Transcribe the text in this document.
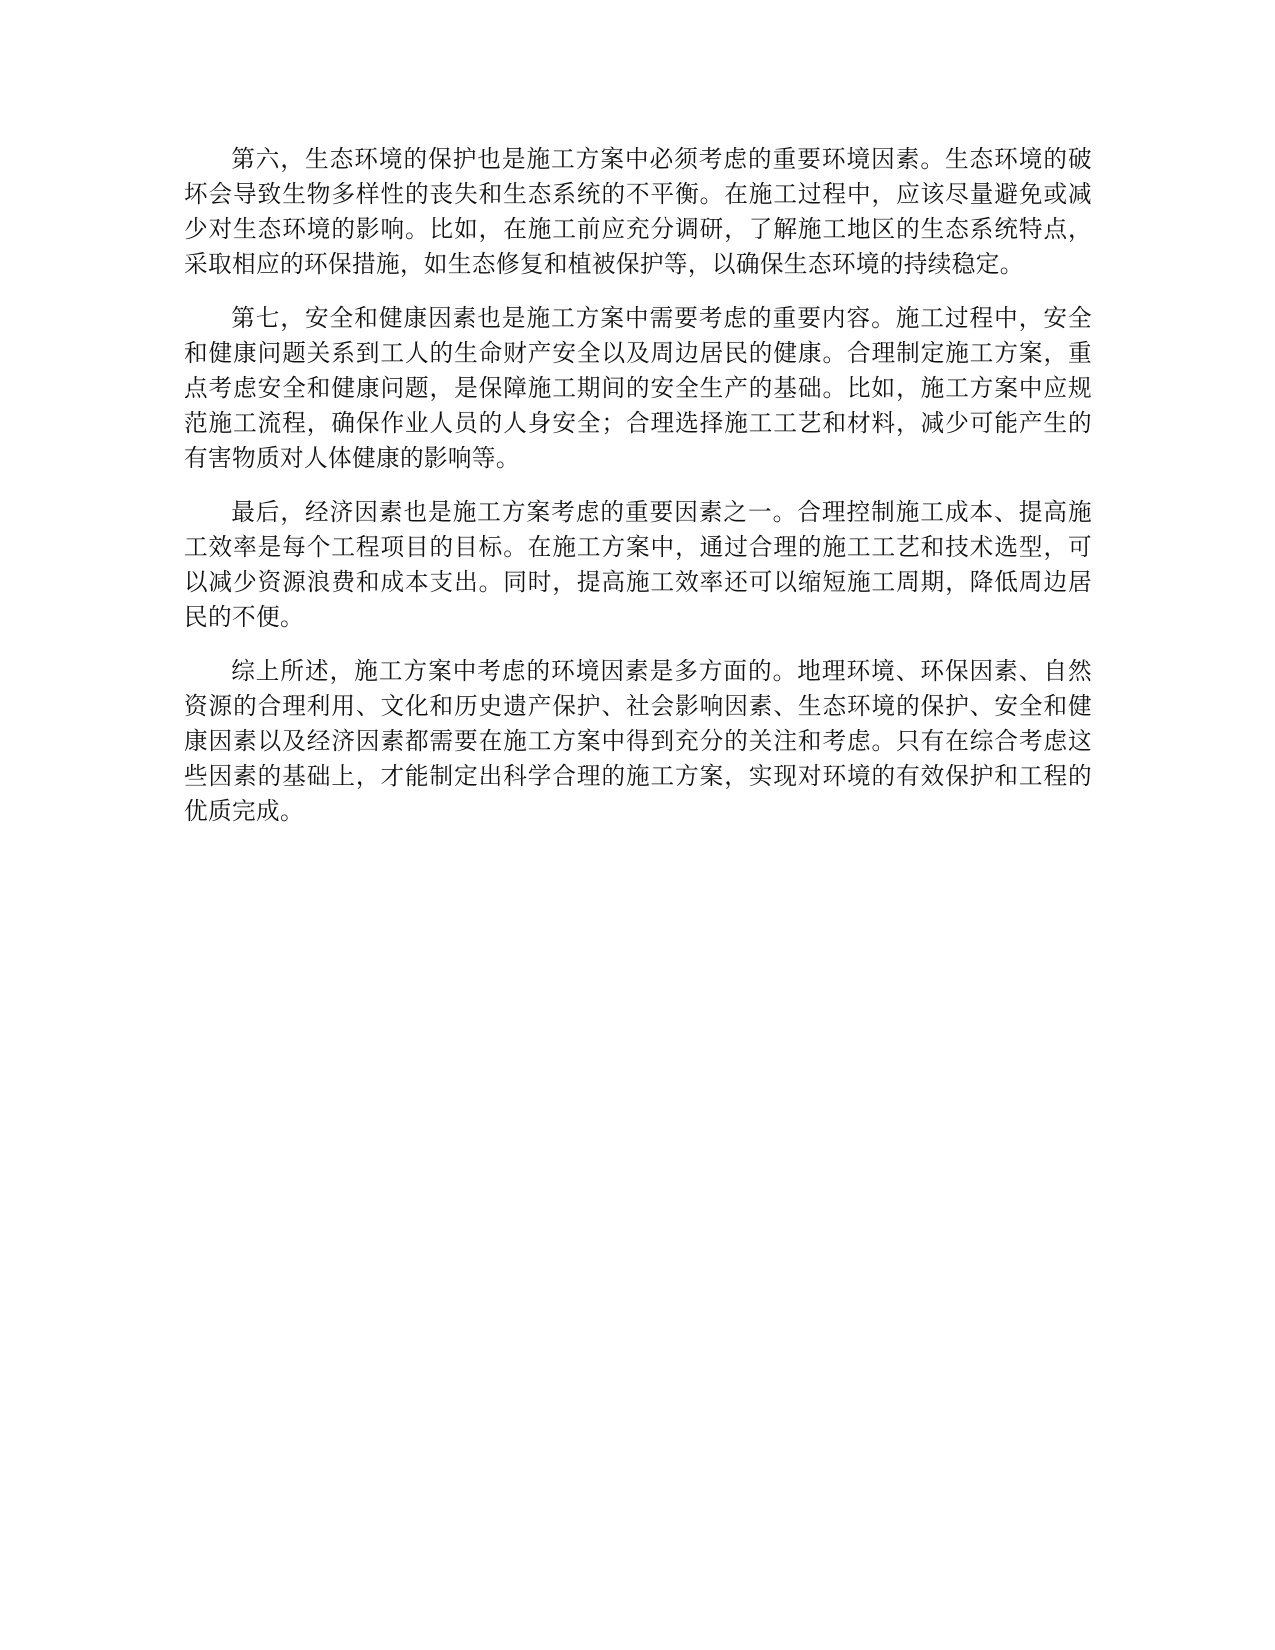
第六，生态环境的保护也是施工方案中必须考虑的重要环境因素。生态环境的破坏会导致生物多样性的丧失和生态系统的不平衡。在施工过程中，应该尽量避免或减少对生态环境的影响。比如，在施工前应充分调研，了解施工地区的生态系统特点，采取相应的环保措施，如生态修复和植被保护等，以确保生态环境的持续稳定。

第七，安全和健康因素也是施工方案中需要考虑的重要内容。施工过程中，安全和健康问题关系到工人的生命财产安全以及周边居民的健康。合理制定施工方案，重点考虑安全和健康问题，是保障施工期间的安全生产的基础。比如，施工方案中应规范施工流程，确保作业人员的人身安全；合理选择施工工艺和材料，减少可能产生的有害物质对人体健康的影响等。

最后，经济因素也是施工方案考虑的重要因素之一。合理控制施工成本、提高施工效率是每个工程项目的目标。在施工方案中，通过合理的施工工艺和技术选型，可以减少资源浪费和成本支出。同时，提高施工效率还可以缩短施工周期，降低周边居民的不便。

综上所述，施工方案中考虑的环境因素是多方面的。地理环境、环保因素、自然资源的合理利用、文化和历史遗产保护、社会影响因素、生态环境的保护、安全和健康因素以及经济因素都需要在施工方案中得到充分的关注和考虑。只有在综合考虑这些因素的基础上，才能制定出科学合理的施工方案，实现对环境的有效保护和工程的优质完成。
